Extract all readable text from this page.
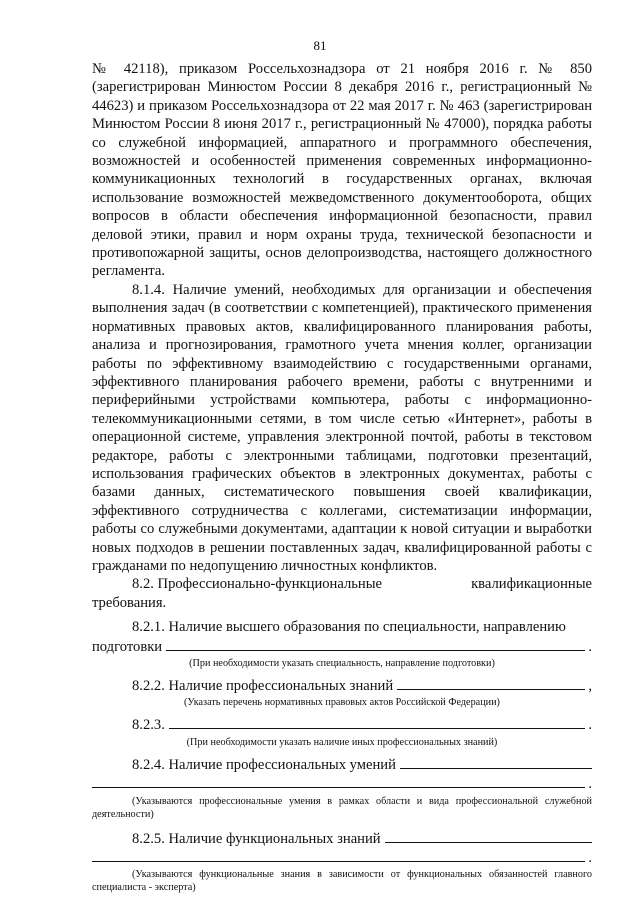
81

№ 42118), приказом Россельхознадзора от 21 ноября 2016 г. № 850 (зарегистрирован Минюстом России 8 декабря 2016 г., регистрационный № 44623) и приказом Россельхознадзора от 22 мая 2017 г. № 463 (зарегистрирован Минюстом России 8 июня 2017 г., регистрационный № 47000), порядка работы со служебной информацией, аппаратного и программного обеспечения, возможностей и особенностей применения современных информационно-коммуникационных технологий в государственных органах, включая использование возможностей межведомственного документооборота, общих вопросов в области обеспечения информационной безопасности, правил деловой этики, правил и норм охраны труда, технической безопасности и противопожарной защиты, основ делопроизводства, настоящего должностного регламента.

8.1.4. Наличие умений, необходимых для организации и обеспечения выполнения задач (в соответствии с компетенцией), практического применения нормативных правовых актов, квалифицированного планирования работы, анализа и прогнозирования, грамотного учета мнения коллег, организации работы по эффективному взаимодействию с государственными органами, эффективного планирования рабочего времени, работы с внутренними и периферийными устройствами компьютера, работы с информационно-телекоммуникационными сетями, в том числе сетью «Интернет», работы в операционной системе, управления электронной почтой, работы в текстовом редакторе, работы с электронными таблицами, подготовки презентаций, использования графических объектов в электронных документах, работы с базами данных, систематического повышения своей квалификации, эффективного сотрудничества с коллегами, систематизации информации, работы со служебными документами, адаптации к новой ситуации и выработки новых подходов в решении поставленных задач, квалифицированной работы с гражданами по недопущению личностных конфликтов.

8.2. Профессионально-функциональные	квалификационные

требования.

8.2.1. Наличие высшего образования по специальности, направлению

подготовки	.
(При необходимости указать специальность, направление подготовки)
8.2.2. Наличие профессиональных знаний	,
(Указать перечень нормативных правовых актов Российской Федерации)
8.2.3.	.
(При необходимости указать наличие иных профессиональных знаний)
8.2.4. Наличие профессиональных умений
.
(Указываются профессиональные умения в рамках области и вида профессиональной служебной деятельности)
8.2.5. Наличие функциональных знаний
.
(Указываются функциональные знания в зависимости от функциональных обязанностей главного специалиста - эксперта)
